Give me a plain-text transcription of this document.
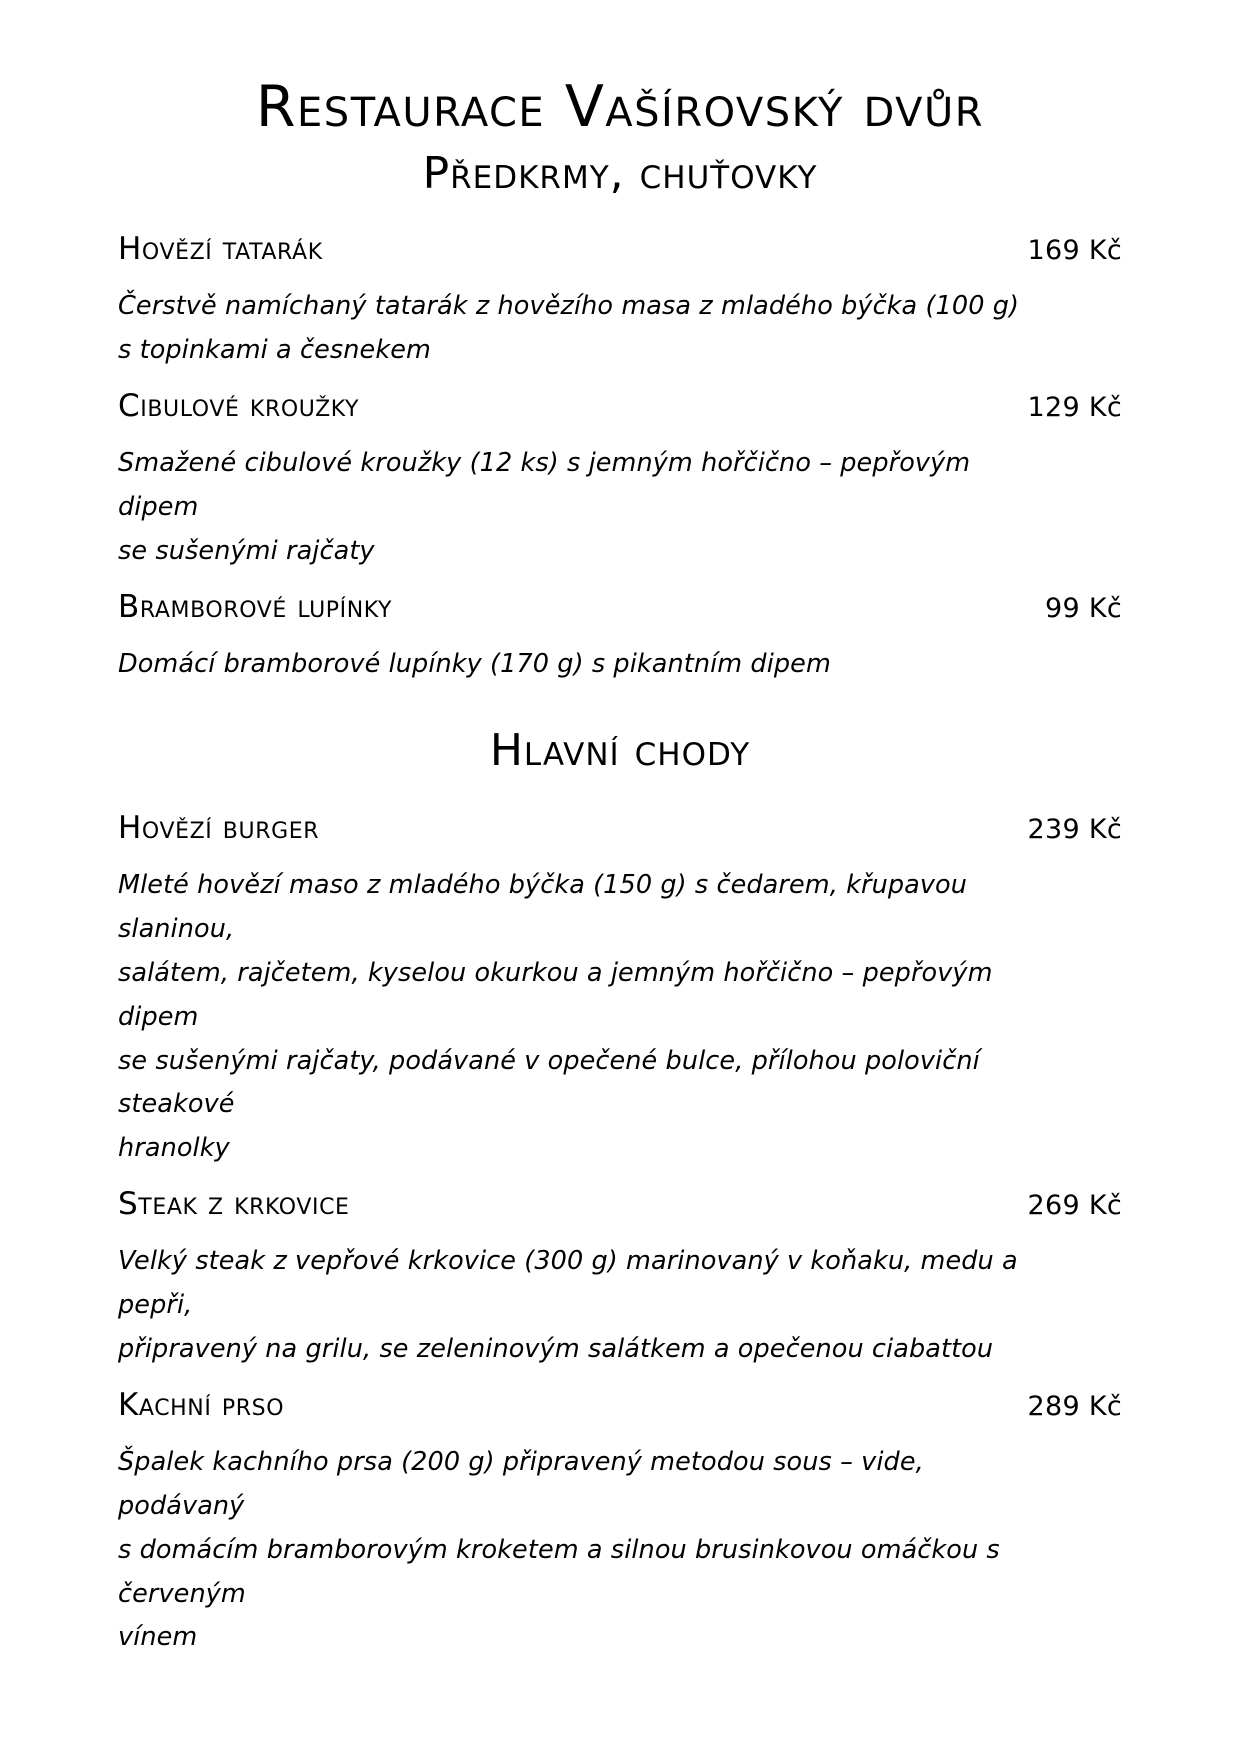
Restaurace Vašírovský dvůr
Předkrmy, chuťovky
Hovězí tatarák	169 Kč
Čerstvě namíchaný tatarák z hovězího masa z mladého býčka (100 g)
s topinkami a česnekem
Cibulové kroužky	129 Kč
Smažené cibulové kroužky (12 ks) s jemným hořčično – pepřovým dipem
se sušenými rajčaty
Bramborové lupínky	99 Kč
Domácí bramborové lupínky (170 g) s pikantním dipem
Hlavní chody
Hovězí burger	239 Kč
Mleté hovězí maso z mladého býčka (150 g) s čedarem, křupavou slaninou,
salátem, rajčetem, kyselou okurkou a jemným hořčično – pepřovým dipem
se sušenými rajčaty, podávané v opečené bulce, přílohou poloviční steakové
hranolky
Steak z krkovice	269 Kč
Velký steak z vepřové krkovice (300 g) marinovaný v koňaku, medu a pepři,
připravený na grilu, se zeleninovým salátkem a opečenou ciabattou
Kachní prso	289 Kč
Špalek kachního prsa (200 g) připravený metodou sous – vide, podávaný
s domácím bramborovým kroketem a silnou brusinkovou omáčkou s červeným
vínem
